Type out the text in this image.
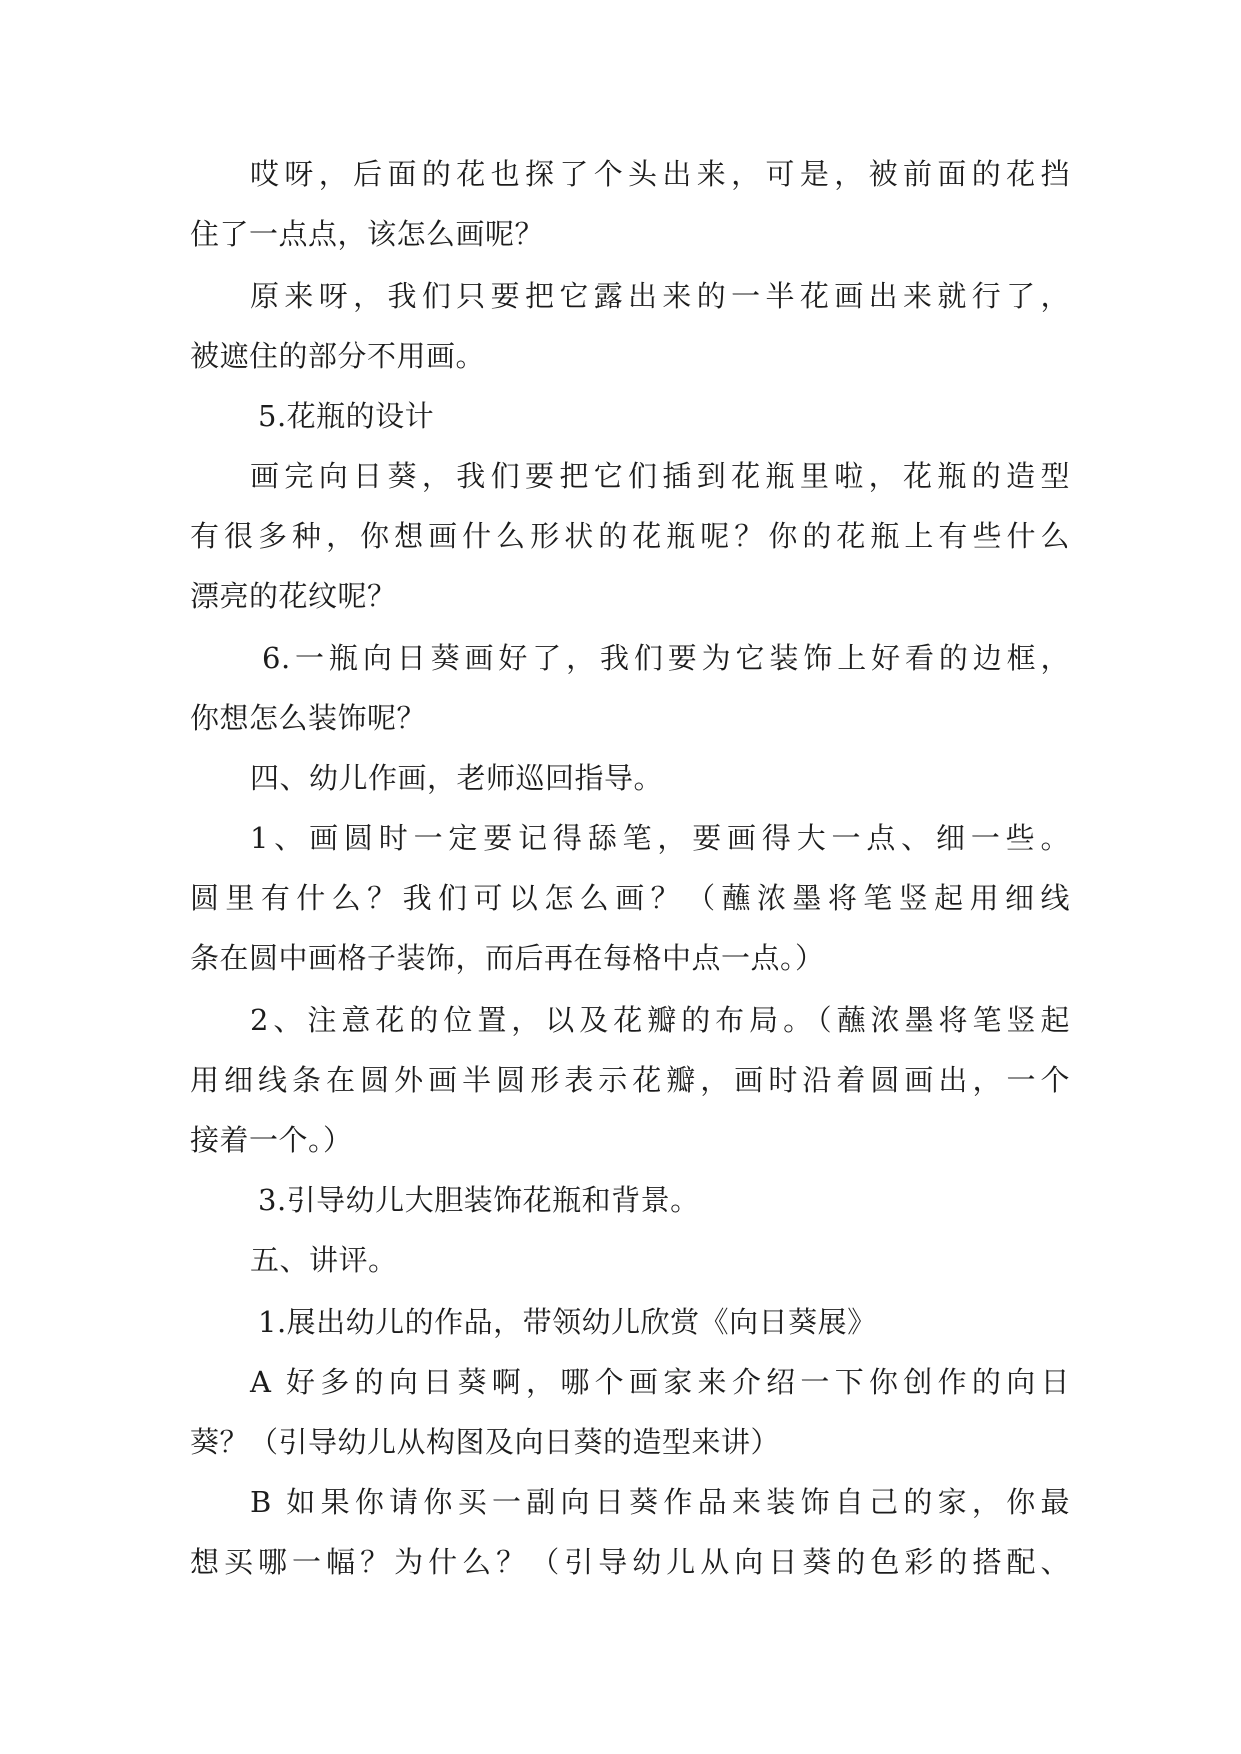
哎呀，后面的花也探了个头出来，可是，被前面的花挡

住了一点点，该怎么画呢？

原来呀，我们只要把它露出来的一半花画出来就行了，

被遮住的部分不用画。

5.花瓶的设计

画完向日葵，我们要把它们插到花瓶里啦，花瓶的造型

有很多种，你想画什么形状的花瓶呢？你的花瓶上有些什么

漂亮的花纹呢？

6.一瓶向日葵画好了，我们要为它装饰上好看的边框，

你想怎么装饰呢？

四、幼儿作画，老师巡回指导。

1、画圆时一定要记得舔笔，要画得大一点、细一些。

圆里有什么？我们可以怎么画？（蘸浓墨将笔竖起用细线

条在圆中画格子装饰，而后再在每格中点一点。）

2、注意花的位置，以及花瓣的布局。（蘸浓墨将笔竖起

用细线条在圆外画半圆形表示花瓣，画时沿着圆画出，一个

接着一个。）

3.引导幼儿大胆装饰花瓶和背景。

五、讲评。

1.展出幼儿的作品，带领幼儿欣赏《向日葵展》

A 好多的向日葵啊，哪个画家来介绍一下你创作的向日

葵？（引导幼儿从构图及向日葵的造型来讲）

B 如果你请你买一副向日葵作品来装饰自己的家，你最

想买哪一幅？为什么？（引导幼儿从向日葵的色彩的搭配、
